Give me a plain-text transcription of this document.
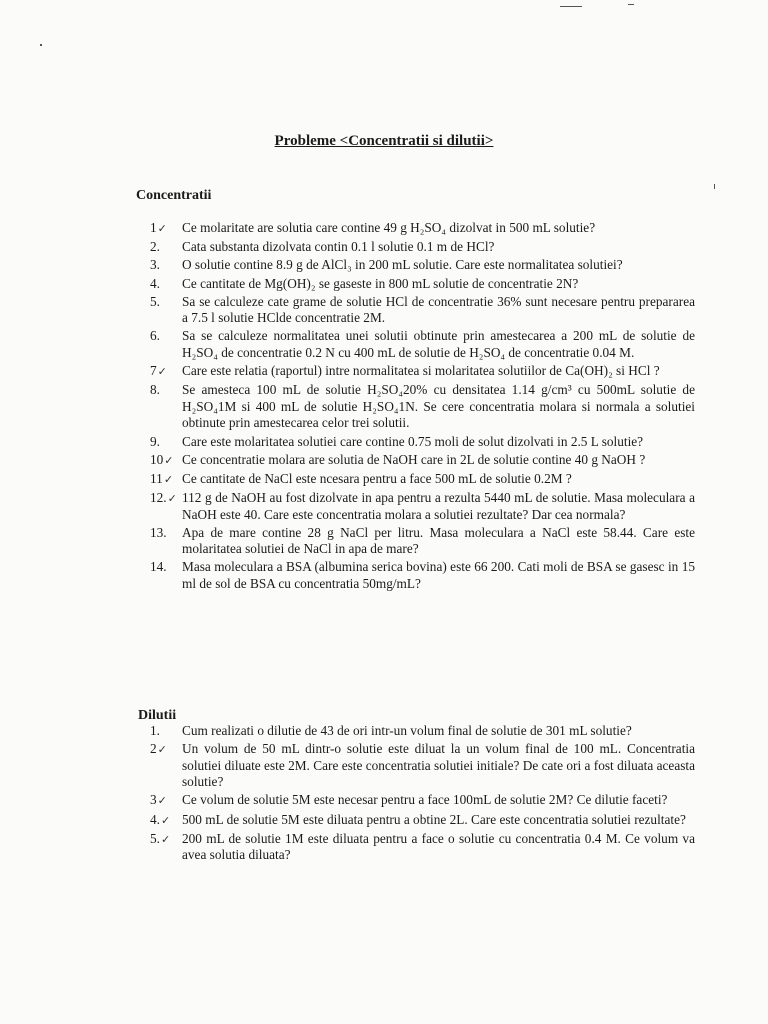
Probleme <Concentratii si dilutii>
Concentratii
1✓	Ce molaritate are solutia care contine 49 g H₂SO₄ dizolvat in 500 mL solutie?
2.	Cata substanta dizolvata contin 0.1 l solutie 0.1 m de HCl?
3.	O solutie contine 8.9 g de AlCl₃ in 200 mL solutie. Care este normalitatea solutiei?
4.	Ce cantitate de Mg(OH)₂ se gaseste in 800 mL solutie de concentratie 2N?
5.	Sa se calculeze cate grame de solutie HCl de concentratie 36% sunt necesare pentru prepararea a 7.5 l solutie HClde concentratie 2M.
6.	Sa se calculeze normalitatea unei solutii obtinute prin amestecarea a 200 mL de solutie de H₂SO₄ de concentratie 0.2 N cu 400 mL de solutie de H₂SO₄ de concentratie 0.04 M.
7✓	Care este relatia (raportul) intre normalitatea si molaritatea solutiilor de Ca(OH)₂ si HCl ?
8.	Se amesteca 100 mL de solutie H₂SO₄20% cu densitatea 1.14 g/cm³ cu 500mL solutie de H₂SO₄1M si 400 mL de solutie H₂SO₄1N. Se cere concentratia molara si normala a solutiei obtinute prin amestecarea celor trei solutii.
9.	Care este molaritatea solutiei care contine 0.75 moli de solut dizolvati in 2.5 L solutie?
10✓ Ce concentratie molara are solutia de NaOH care in 2L de solutie contine 40 g NaOH ?
11✓ Ce cantitate de NaCl este ncesara pentru a face 500 mL de solutie 0.2M ?
12.✓ 112 g de NaOH au fost dizolvate in apa pentru a rezulta 5440 mL de solutie. Masa moleculara a NaOH este 40. Care este concentratia molara a solutiei rezultate? Dar cea normala?
13.	Apa de mare contine 28 g NaCl per litru. Masa moleculara a NaCl este 58.44. Care este molaritatea solutiei de NaCl in apa de mare?
14.	Masa moleculara a BSA (albumina serica bovina) este 66 200. Cati moli de BSA se gasesc in 15 ml de sol de BSA cu concentratia 50mg/mL?
Dilutii
1.	Cum realizati o dilutie de 43 de ori intr-un volum final de solutie de 301 mL solutie?
2✓	Un volum de 50 mL dintr-o solutie este diluat la un volum final de 100 mL. Concentratia solutiei diluate este 2M. Care este concentratia solutiei initiale? De cate ori a fost diluata aceasta solutie?
3✓	Ce volum de solutie 5M este necesar pentru a face 100mL de solutie 2M? Ce dilutie faceti?
4.✓ 500 mL de solutie 5M este diluata pentru a obtine 2L. Care este concentratia solutiei rezultate?
5.✓ 200 mL de solutie 1M este diluata pentru a face o solutie cu concentratia 0.4 M. Ce volum va avea solutia diluata?
